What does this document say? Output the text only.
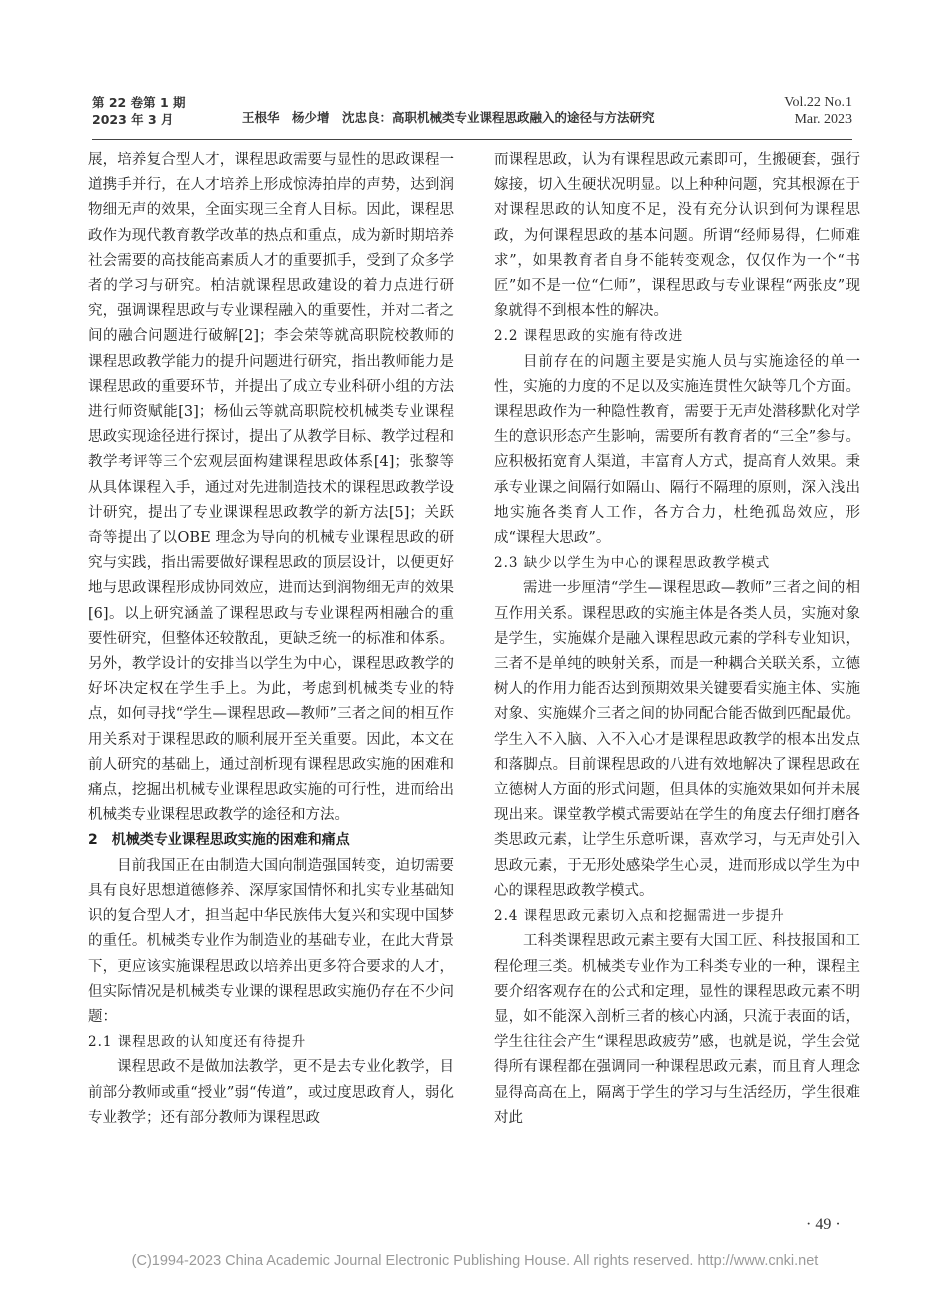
第 22 卷第 1 期
2023 年 3 月	王根华　杨少增　沈忠良：高职机械类专业课程思政融入的途径与方法研究
Vol.22 No.1
Mar. 2023

展，培养复合型人才，课程思政需要与显性的思政课程一道携手并行，在人才培养上形成惊涛拍岸的声势，达到润物细无声的效果，全面实现三全育人目标。因此，课程思政作为现代教育教学改革的热点和重点，成为新时期培养社会需要的高技能高素质人才的重要抓手，受到了众多学者的学习与研究。柏洁就课程思政建设的着力点进行研究，强调课程思政与专业课程融入的重要性，并对二者之间的融合问题进行破解[2]；李会荣等就高职院校教师的课程思政教学能力的提升问题进行研究，指出教师能力是课程思政的重要环节，并提出了成立专业科研小组的方法进行师资赋能[3]；杨仙云等就高职院校机械类专业课程思政实现途径进行探讨，提出了从教学目标、教学过程和教学考评等三个宏观层面构建课程思政体系[4]；张黎等从具体课程入手，通过对先进制造技术的课程思政教学设计研究，提出了专业课课程思政教学的新方法[5]；关跃奇等提出了以OBE 理念为导向的机械专业课程思政的研究与实践，指出需要做好课程思政的顶层设计，以便更好地与思政课程形成协同效应，进而达到润物细无声的效果[6]。以上研究涵盖了课程思政与专业课程两相融合的重要性研究，但整体还较散乱，更缺乏统一的标准和体系。另外，教学设计的安排当以学生为中心，课程思政教学的好坏决定权在学生手上。为此，考虑到机械类专业的特点，如何寻找“学生—课程思政—教师”三者之间的相互作用关系对于课程思政的顺利展开至关重要。因此，本文在前人研究的基础上，通过剖析现有课程思政实施的困难和痛点，挖掘出机械专业课程思政实施的可行性，进而给出机械类专业课程思政教学的途径和方法。

2　机械类专业课程思政实施的困难和痛点

目前我国正在由制造大国向制造强国转变，迫切需要具有良好思想道德修养、深厚家国情怀和扎实专业基础知识的复合型人才，担当起中华民族伟大复兴和实现中国梦的重任。机械类专业作为制造业的基础专业，在此大背景下，更应该实施课程思政以培养出更多符合要求的人才，但实际情况是机械类专业课的课程思政实施仍存在不少问题：

2.1 课程思政的认知度还有待提升

课程思政不是做加法教学，更不是去专业化教学，目前部分教师或重“授业”弱“传道”，或过度思政育人，弱化专业教学；还有部分教师为课程思政

而课程思政，认为有课程思政元素即可，生搬硬套，强行嫁接，切入生硬状况明显。以上种种问题，究其根源在于对课程思政的认知度不足，没有充分认识到何为课程思政，为何课程思政的基本问题。所谓“经师易得，仁师难求”，如果教育者自身不能转变观念，仅仅作为一个“书匠”如不是一位“仁师”，课程思政与专业课程“两张皮”现象就得不到根本性的解决。

2.2 课程思政的实施有待改进

目前存在的问题主要是实施人员与实施途径的单一性，实施的力度的不足以及实施连贯性欠缺等几个方面。课程思政作为一种隐性教育，需要于无声处潜移默化对学生的意识形态产生影响，需要所有教育者的“三全”参与。应积极拓宽育人渠道，丰富育人方式，提高育人效果。秉承专业课之间隔行如隔山、隔行不隔理的原则，深入浅出地实施各类育人工作，各方合力，杜绝孤岛效应，形成“课程大思政”。

2.3 缺少以学生为中心的课程思政教学模式

需进一步厘清“学生—课程思政—教师”三者之间的相互作用关系。课程思政的实施主体是各类人员，实施对象是学生，实施媒介是融入课程思政元素的学科专业知识，三者不是单纯的映射关系，而是一种耦合关联关系，立德树人的作用力能否达到预期效果关键要看实施主体、实施对象、实施媒介三者之间的协同配合能否做到匹配最优。学生入不入脑、入不入心才是课程思政教学的根本出发点和落脚点。目前课程思政的八进有效地解决了课程思政在立德树人方面的形式问题，但具体的实施效果如何并未展现出来。课堂教学模式需要站在学生的角度去仔细打磨各类思政元素，让学生乐意听课，喜欢学习，与无声处引入思政元素，于无形处感染学生心灵，进而形成以学生为中心的课程思政教学模式。

2.4 课程思政元素切入点和挖掘需进一步提升

工科类课程思政元素主要有大国工匠、科技报国和工程伦理三类。机械类专业作为工科类专业的一种，课程主要介绍客观存在的公式和定理，显性的课程思政元素不明显，如不能深入剖析三者的核心内涵，只流于表面的话，学生往往会产生“课程思政疲劳”感，也就是说，学生会觉得所有课程都在强调同一种课程思政元素，而且育人理念显得高高在上，隔离于学生的学习与生活经历，学生很难对此

· 49 ·
(C)1994-2023 China Academic Journal Electronic Publishing House. All rights reserved. http://www.cnki.net
